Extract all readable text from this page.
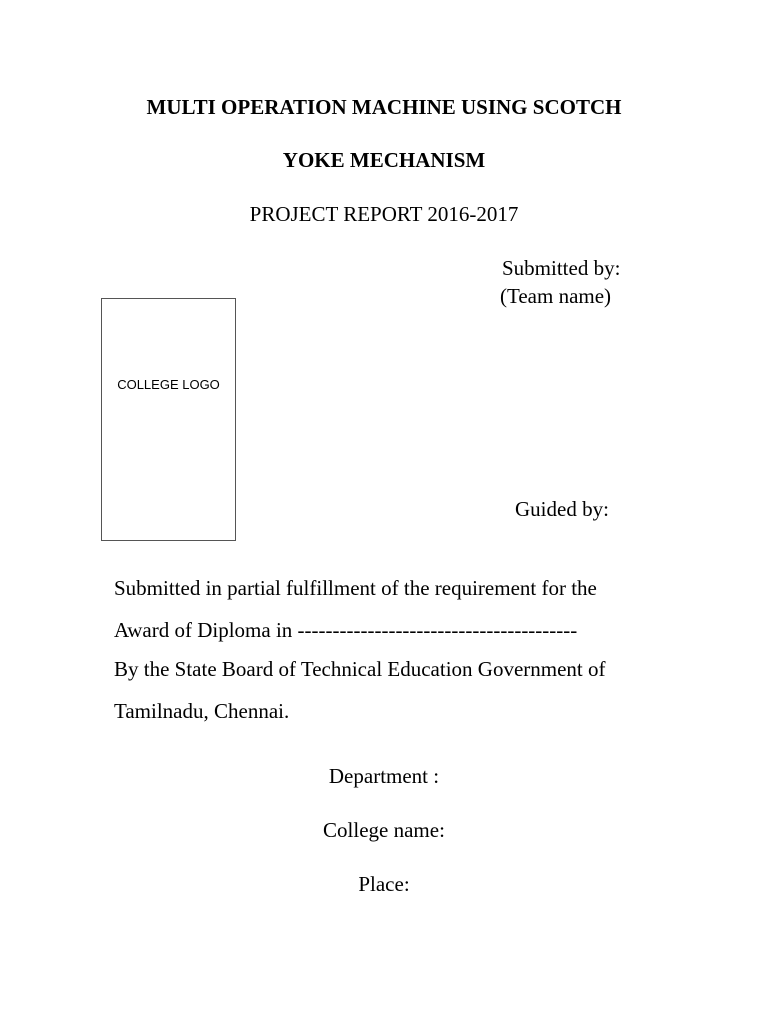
MULTI OPERATION MACHINE USING SCOTCH
YOKE MECHANISM
PROJECT REPORT 2016-2017
Submitted by:
(Team name)
COLLEGE LOGO
Guided by:
Submitted in partial fulfillment of the requirement for the
Award of Diploma in ----------------------------------------
By the State Board of Technical Education Government of
Tamilnadu, Chennai.
Department :
College name:
Place:
